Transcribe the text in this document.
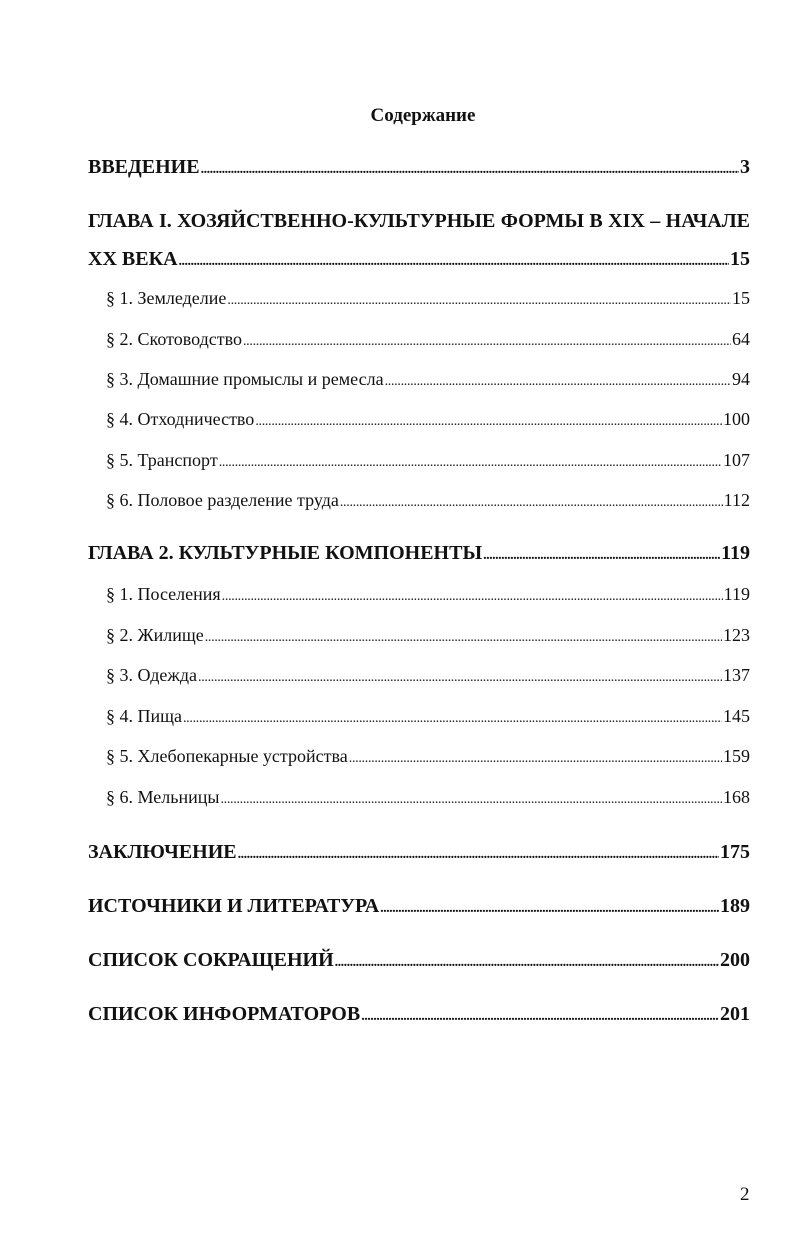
Содержание
ВВЕДЕНИЕ .....	3
ГЛАВА I. ХОЗЯЙСТВЕННО-КУЛЬТУРНЫЕ ФОРМЫ В XIX – НАЧАЛЕ
XX ВЕКА .....	15
§ 1. Земледелие .....	15
§ 2. Скотоводство .....	64
§ 3. Домашние промыслы и ремесла .....	94
§ 4. Отходничество .....	100
§ 5. Транспорт .....	107
§ 6. Половое разделение труда .....	112
ГЛАВА 2. КУЛЬТУРНЫЕ КОМПОНЕНТЫ .....	119
§ 1. Поселения .....	119
§ 2. Жилище .....	123
§ 3. Одежда .....	137
§ 4. Пища .....	145
§ 5. Хлебопекарные устройства .....	159
§ 6. Мельницы .....	168
ЗАКЛЮЧЕНИЕ .....	175
ИСТОЧНИКИ И ЛИТЕРАТУРА .....	189
СПИСОК СОКРАЩЕНИЙ .....	200
СПИСОК ИНФОРМАТОРОВ .....	201
2
